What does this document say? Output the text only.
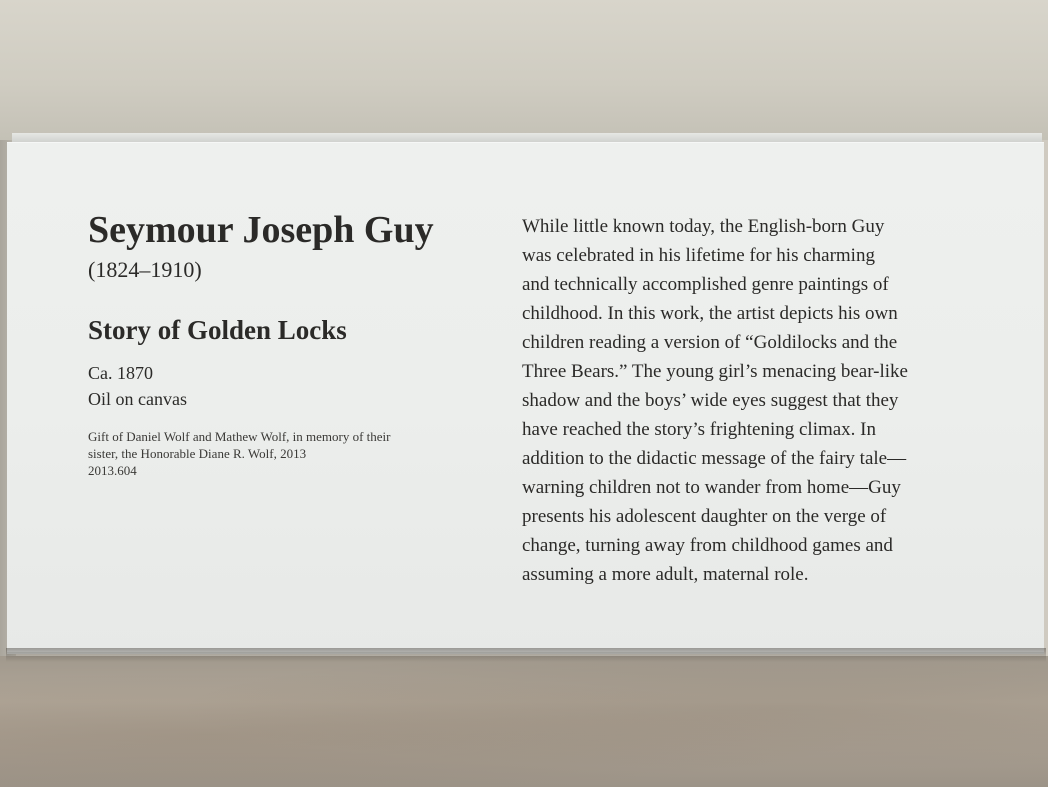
Seymour Joseph Guy

(1824–1910)

Story of Golden Locks

Ca. 1870

Oil on canvas

Gift of Daniel Wolf and Mathew Wolf, in memory of their

sister, the Honorable Diane R. Wolf, 2013

2013.604

While little known today, the English-born Guy

was celebrated in his lifetime for his charming

and technically accomplished genre paintings of

childhood. In this work, the artist depicts his own

children reading a version of “Goldilocks and the

Three Bears.” The young girl’s menacing bear-like

shadow and the boys’ wide eyes suggest that they

have reached the story’s frightening climax. In

addition to the didactic message of the fairy tale—

warning children not to wander from home—Guy

presents his adolescent daughter on the verge of

change, turning away from childhood games and

assuming a more adult, maternal role.
